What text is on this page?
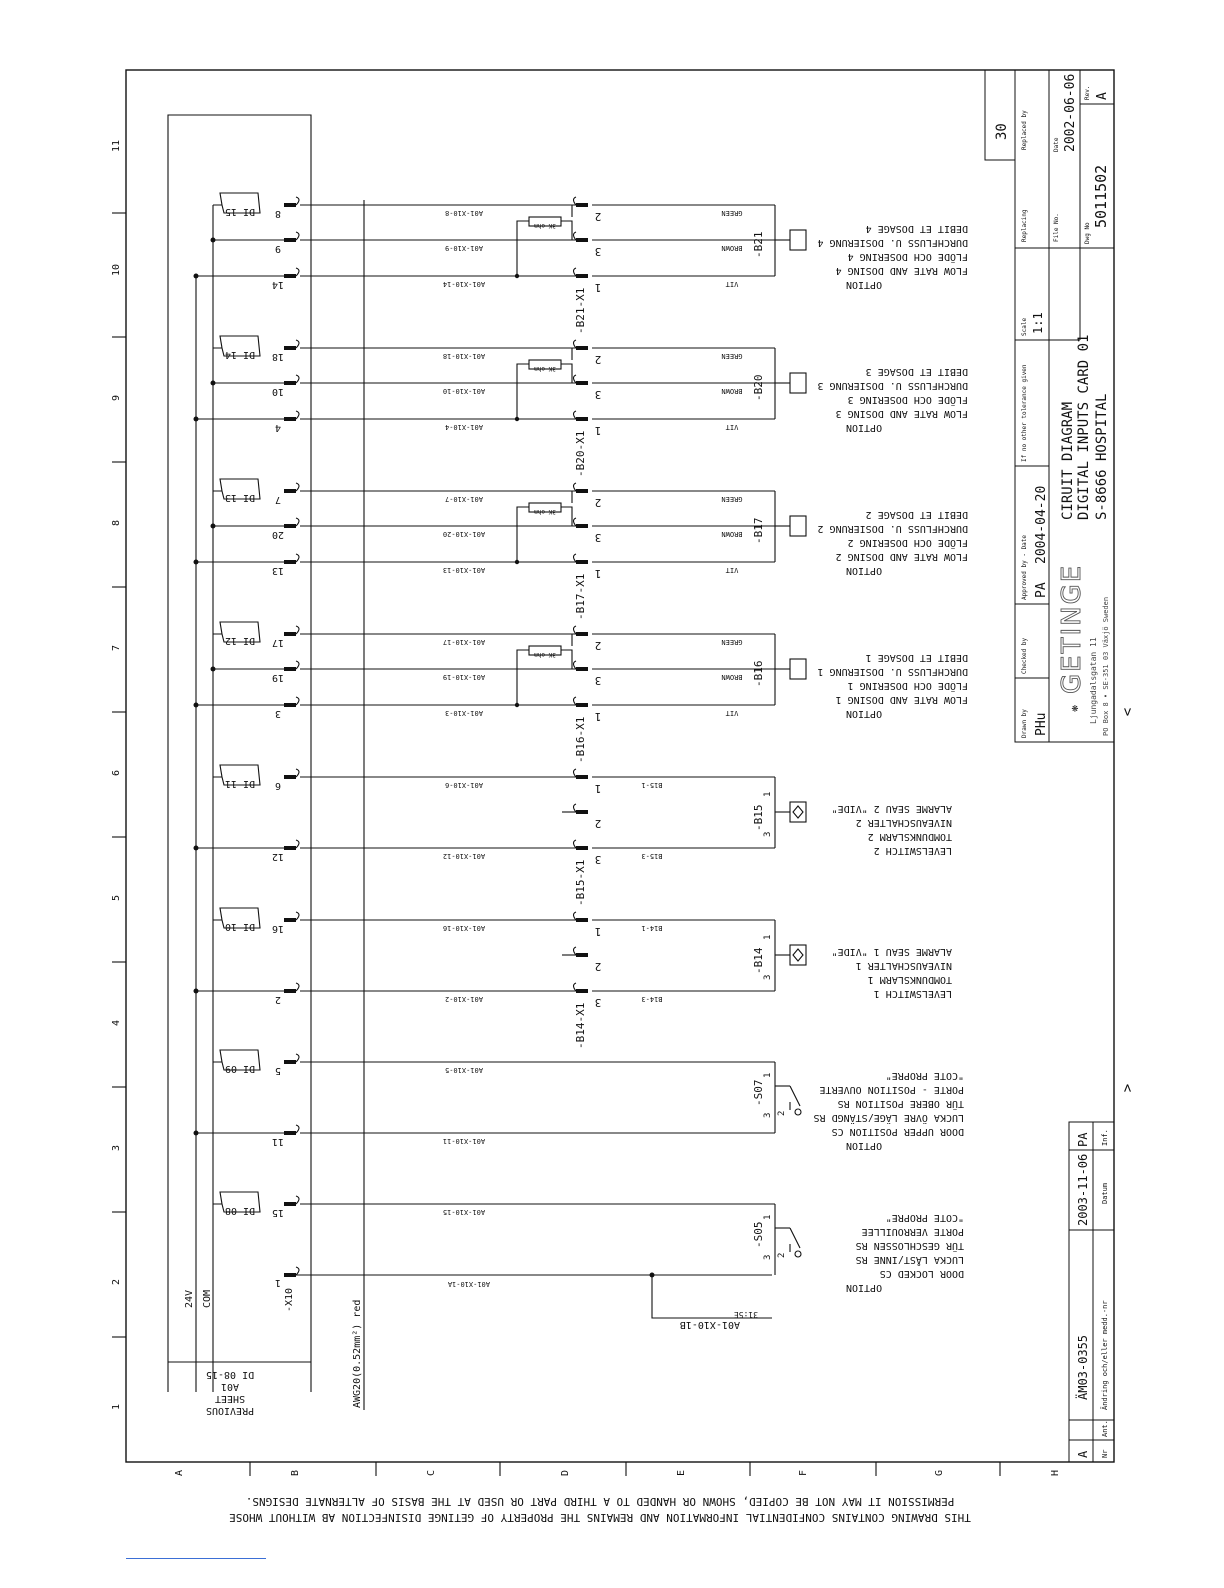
1
2
3
4
5
6
7
8
9
10
11
A	B	C	D	E	F	G	H
THIS DRAWING CONTAINS CONFIDENTIAL INFORMATION AND REMAINS THE PROPERTY OF GETINGE DISINFECTION AB WITHOUT WHOSE
PERMISSION IT MAY NOT BE COPIED, SHOWN OR HANDED TO A THIRD PART OR USED AT THE BASIS OF ALTERNATE DESIGNS.
PREVIOUS
SHEET
A01
DI 08-15	AWG20(0.52mm²) red
24V COM	-X10
1	A01-X10-1A
A01-X10-1B
31:5E
DI 15 8	A01-X10-8	2	GREEN
9	A01-X10-9	3	BROWN
14	A01-X10-14	1	VIT
3K ohm
-B21
-B21-X1
OPTION
FLOW RATE AND DOSING 4
FLÖDE OCH DOSERING 4
DURCHFLUSS U. DOSIERUNG 4
DEBIT ET DOSAGE 4
DI 14 18	A01-X10-18	2	GREEN
10	A01-X10-10	3	BROWN
4	A01-X10-4	1	VIT
3K ohm
-B20
-B20-X1
OPTION
FLOW RATE AND DOSING 3
FLÖDE OCH DOSERING 3
DURCHFLUSS U. DOSIERUNG 3
DEBIT ET DOSAGE 3
DI 13 7	A01-X10-7	2	GREEN
20	A01-X10-20	3	BROWN
13	A01-X10-13	1	VIT
3K ohm
-B17
-B17-X1
OPTION
FLOW RATE AND DOSING 2
FLÖDE OCH DOSERING 2
DURCHFLUSS U. DOSIERUNG 2
DEBIT ET DOSAGE 2
DI 12 17	A01-X10-17	2	GREEN
19	A01-X10-19	3	BROWN
3	A01-X10-3	1	VIT
3K ohm
-B16
-B16-X1
OPTION
FLOW RATE AND DOSING 1
FLÖDE OCH DOSERING 1
DURCHFLUSS U. DOSIERUNG 1
DEBIT ET DOSAGE 1
DI 11 6	A01-X10-6	1	B15-1
12	A01-X10-12	3	B15-3
2	-B15
1
3
-B15-X1
LEVELSWITCH 2
TOMDUNKSLARM 2
NIVEAUSCHALTER 2
ALARME SEAU 2 "VIDE"
DI 10 16	A01-X10-16	1	B14-1
2	A01-X10-2	3	B14-3
2	-B14
1
3
-B14-X1
LEVELSWITCH 1
TOMDUNKSLARM 1
NIVEAUSCHALTER 1
ALARME SEAU 1 "VIDE"
DI 09 5	A01-X10-5
11	A01-X10-11
-S07
1
3 2
OPTION
DOOR UPPER POSITION CS
LUCKA ÖVRE LÄGE/STÄNGD RS
TÜR OBERE POSITION RS
PORTE - POSITION OUVERTE
"COTE PROPRE"
DI 08 15	A01-X10-15
-S05
1
3 2
OPTION
DOOR LOCKED CS
LUCKA LÅST/INNE RS
TÜR GESCHLOSSEN RS
PORTE VERROUILLEE
"COTE PROPRE"
30 Replaced by
Replacing	File No.
Date 2002-06-06 Rev. A
Dwg No
5011502
Scale 1:1
If no other tolerance given
Approved by - Date PA
2004-04-20
Checked by
Drawn by PHu
CIRUIT DIAGRAM DIGITAL INPUTS CARD 01 S-8666 HOSPITAL
❋
GETINGE Ljungadalsgatan 11 PO Box 8 • SE-351 03 Växjö Sweden
A
ÄM03-0355
2003-11-06
PA
Nr
Ant.
Ändring och/eller medd.-nr
Datum
Inf.
<
>
